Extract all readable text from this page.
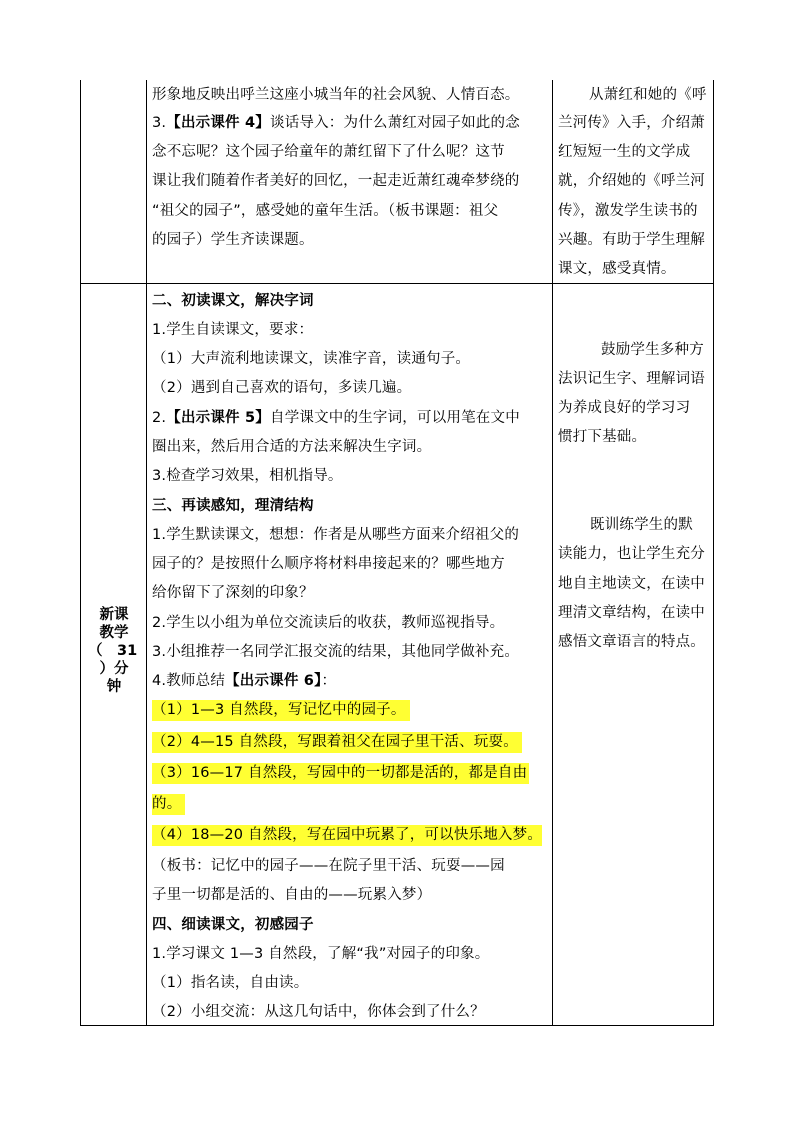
形象地反映出呼兰这座小城当年的社会风貌、人情百态。
3.【出示课件 4】谈话导入：为什么萧红对园子如此的念
念不忘呢？这个园子给童年的萧红留下了什么呢？这节
课让我们随着作者美好的回忆，一起走近萧红魂牵梦绕的
“祖父的园子”，感受她的童年生活。（板书课题：祖父
的园子）学生齐读课题。
从萧红和她的《呼
兰河传》入手，介绍萧
红短短一生的文学成
就，介绍她的《呼兰河
传》，激发学生读书的
兴趣。有助于学生理解
课文，感受真情。
新课
教学
（　31
）分
钟
二、初读课文，解决字词
1.学生自读课文，要求：
（1）大声流利地读课文，读准字音，读通句子。
（2）遇到自己喜欢的语句，多读几遍。
2.【出示课件 5】自学课文中的生字词，可以用笔在文中
圈出来，然后用合适的方法来解决生字词。
3.检查学习效果，相机指导。
三、再读感知，理清结构
1.学生默读课文，想想：作者是从哪些方面来介绍祖父的
园子的？是按照什么顺序将材料串接起来的？哪些地方
给你留下了深刻的印象？
2.学生以小组为单位交流读后的收获，教师巡视指导。
3.小组推荐一名同学汇报交流的结果，其他同学做补充。
4.教师总结【出示课件 6】：
（1）1—3 自然段，写记忆中的园子。
（2）4—15 自然段，写跟着祖父在园子里干活、玩耍。
（3）16—17 自然段，写园中的一切都是活的，都是自由
的。
（4）18—20 自然段，写在园中玩累了，可以快乐地入梦。
（板书：记忆中的园子——在院子里干活、玩耍——园
子里一切都是活的、自由的——玩累入梦）
四、细读课文，初感园子
1.学习课文 1—3 自然段，了解“我”对园子的印象。
（1）指名读，自由读。
（2）小组交流：从这几句话中，你体会到了什么？
鼓励学生多种方
法识记生字、理解词语
为养成良好的学习习
惯打下基础。
既训练学生的默
读能力，也让学生充分
地自主地读文，在读中
理清文章结构，在读中
感悟文章语言的特点。
